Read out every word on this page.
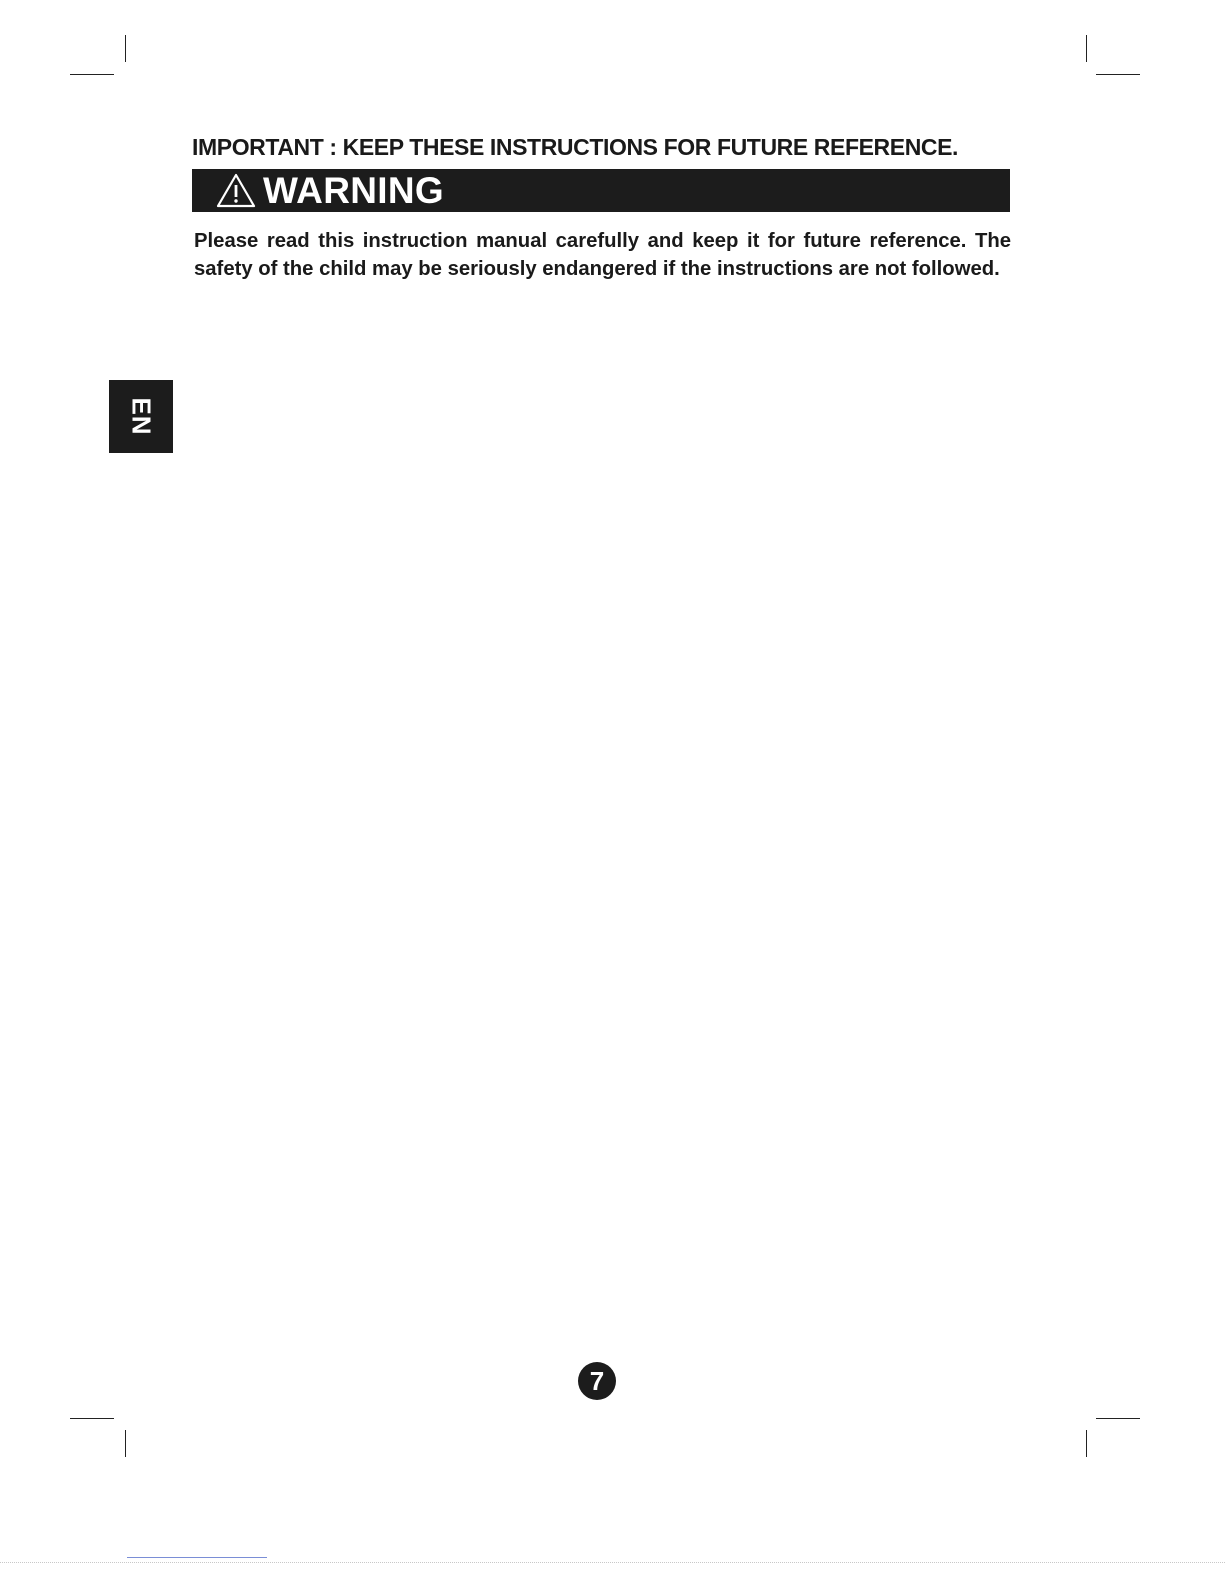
IMPORTANT : KEEP THESE INSTRUCTIONS FOR FUTURE REFERENCE.
WARNING

Please read this instruction manual carefully and keep it for future reference. The safety of the child may be seriously endangered if the instructions are not followed.

EN
7
